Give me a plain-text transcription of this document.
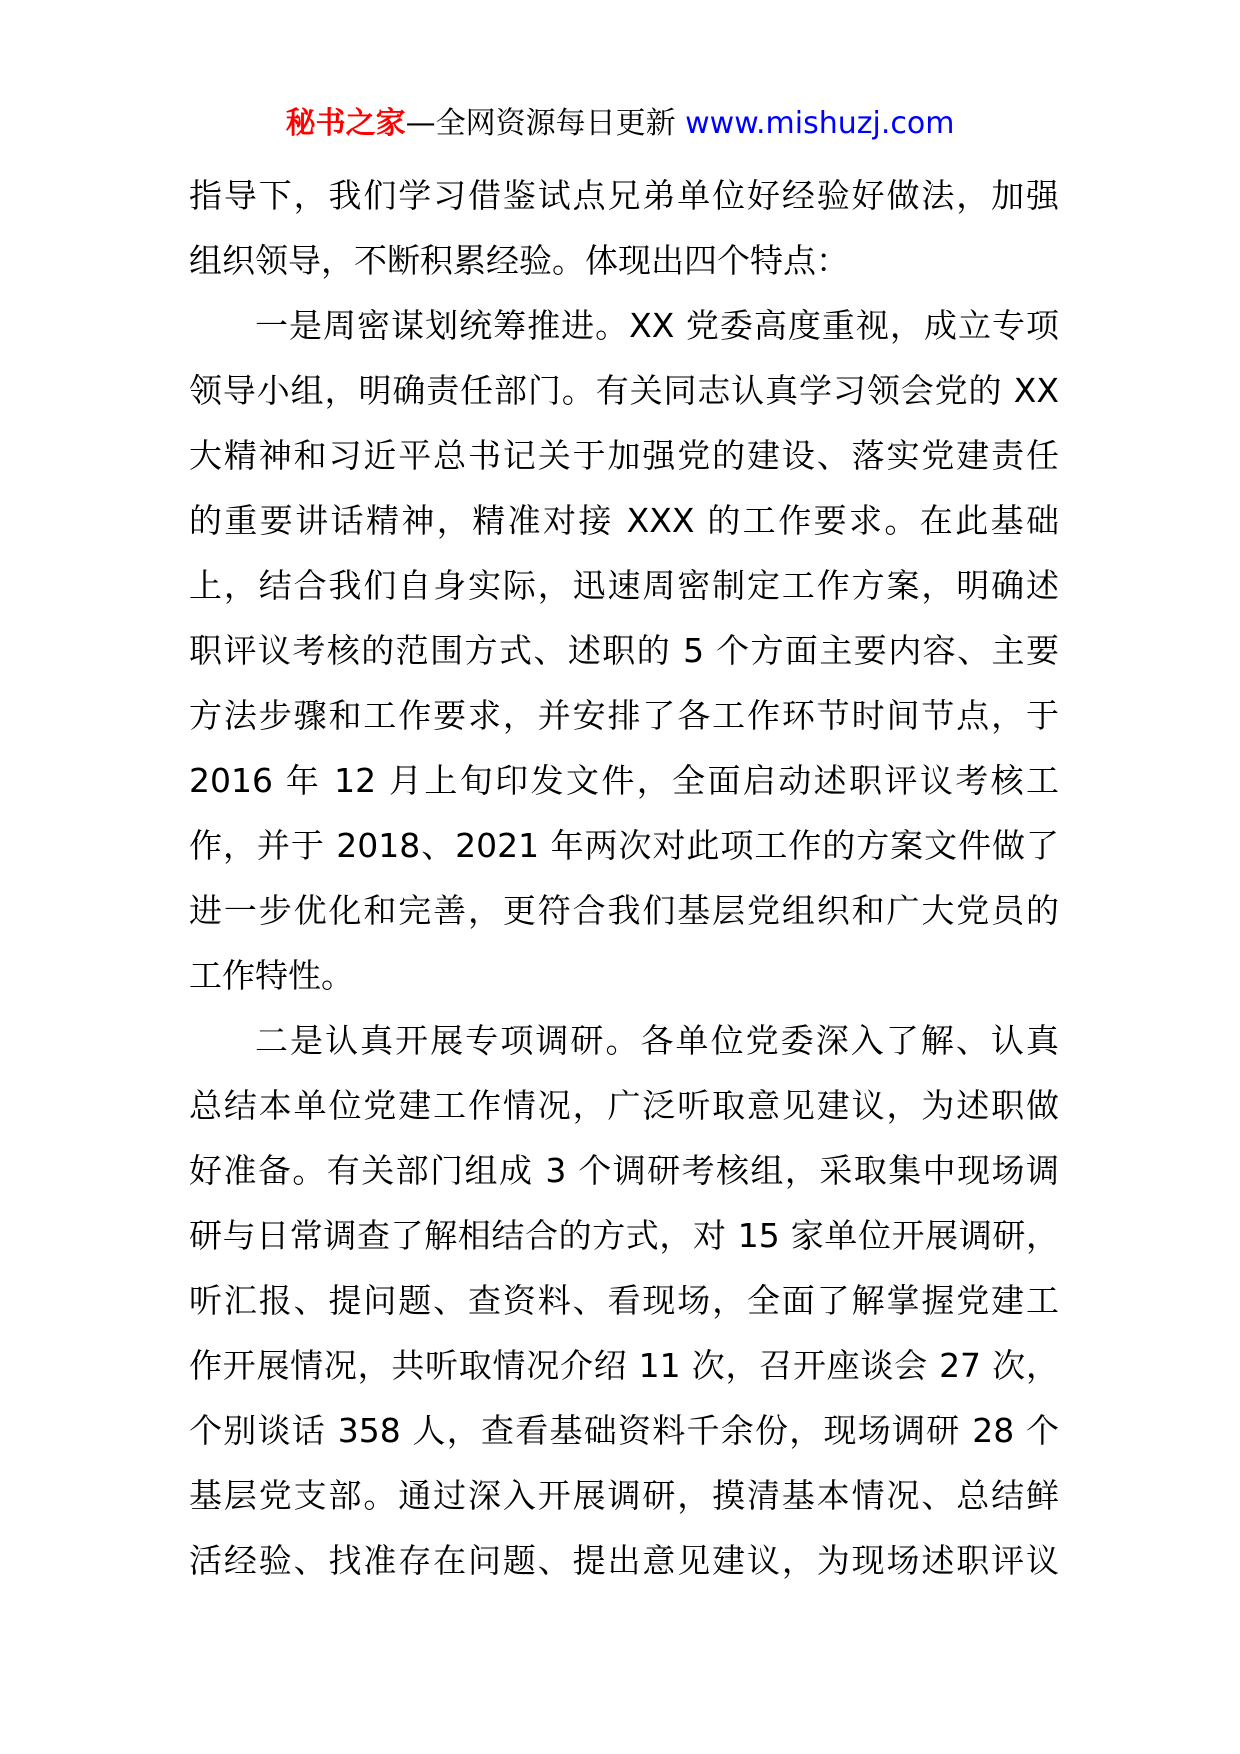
秘书之家—全网资源每日更新 www.mishuzj.com
指导下，我们学习借鉴试点兄弟单位好经验好做法，加强
组织领导，不断积累经验。体现出四个特点：
一是周密谋划统筹推进。XX 党委高度重视，成立专项
领导小组，明确责任部门。有关同志认真学习领会党的 XX
大精神和习近平总书记关于加强党的建设、落实党建责任
的重要讲话精神，精准对接 XXX 的工作要求。在此基础
上，结合我们自身实际，迅速周密制定工作方案，明确述
职评议考核的范围方式、述职的 5 个方面主要内容、主要
方法步骤和工作要求，并安排了各工作环节时间节点，于
2016 年 12 月上旬印发文件，全面启动述职评议考核工
作，并于 2018、2021 年两次对此项工作的方案文件做了
进一步优化和完善，更符合我们基层党组织和广大党员的
工作特性。
二是认真开展专项调研。各单位党委深入了解、认真
总结本单位党建工作情况，广泛听取意见建议，为述职做
好准备。有关部门组成 3 个调研考核组，采取集中现场调
研与日常调查了解相结合的方式，对 15 家单位开展调研，
听汇报、提问题、查资料、看现场，全面了解掌握党建工
作开展情况，共听取情况介绍 11 次，召开座谈会 27 次，
个别谈话 358 人，查看基础资料千余份，现场调研 28 个
基层党支部。通过深入开展调研，摸清基本情况、总结鲜
活经验、找准存在问题、提出意见建议，为现场述职评议
